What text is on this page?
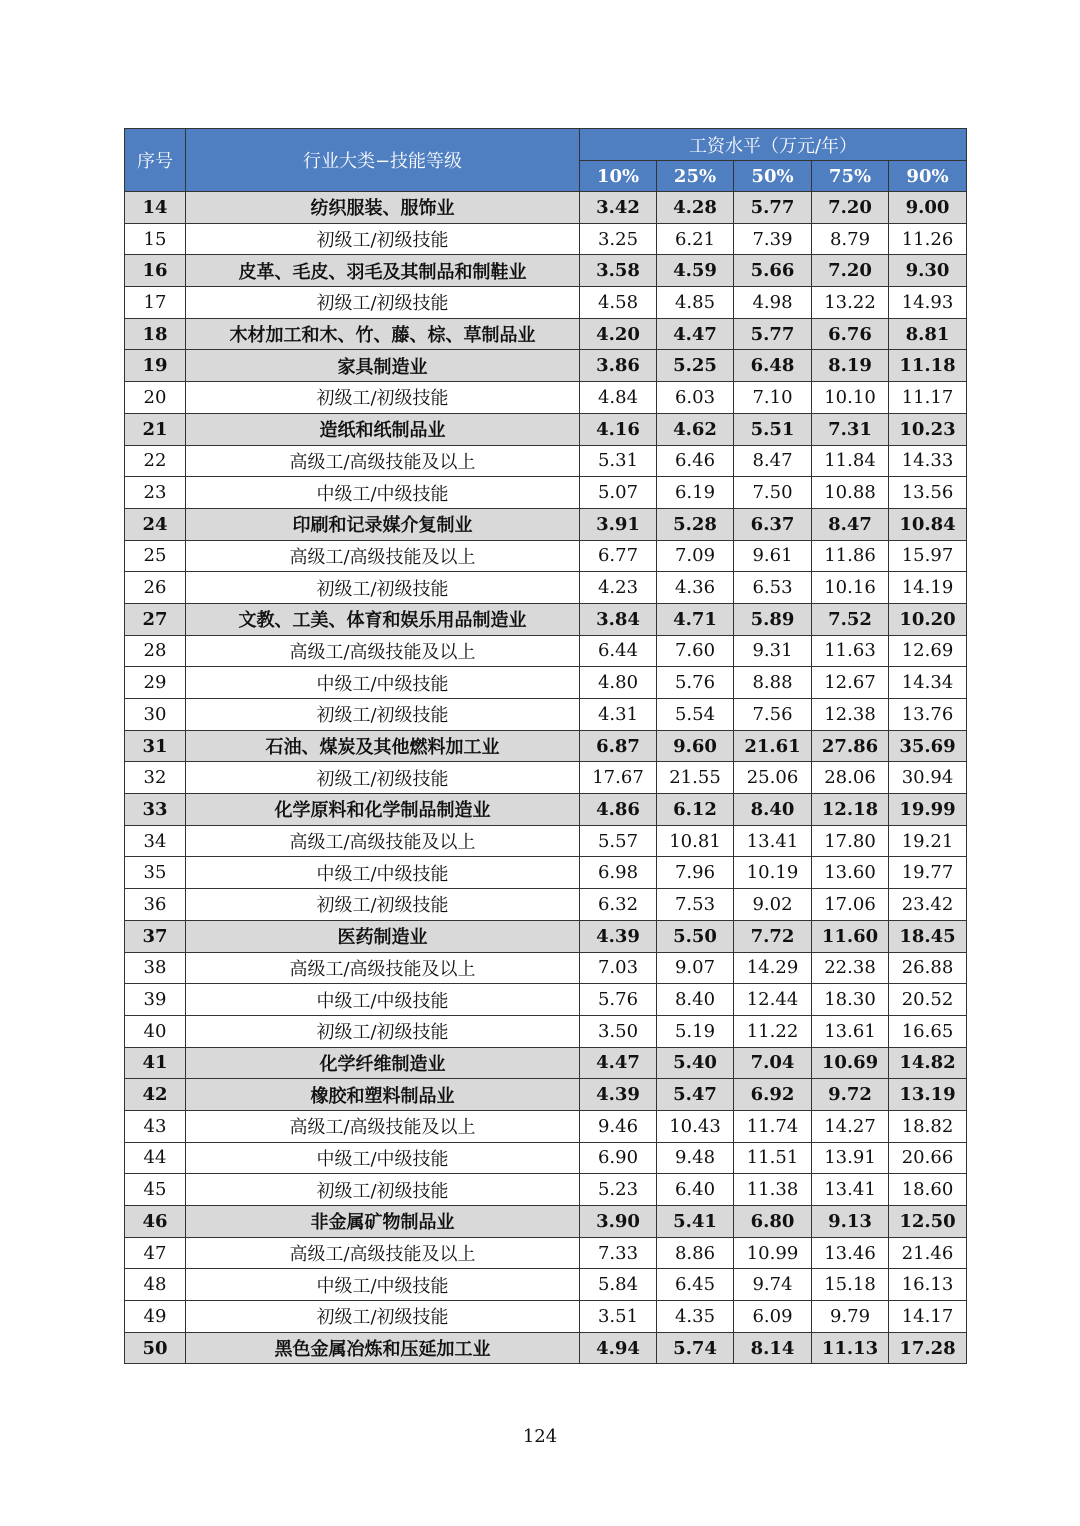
序号	行业大类−技能等级	工资水平（万元/年）				
		10%	25%	50%	75%	90%
14	纺织服装、服饰业	3.42	4.28	5.77	7.20	9.00
15	初级工/初级技能	3.25	6.21	7.39	8.79	11.26
16	皮革、毛皮、羽毛及其制品和制鞋业	3.58	4.59	5.66	7.20	9.30
17	初级工/初级技能	4.58	4.85	4.98	13.22	14.93
18	木材加工和木、竹、藤、棕、草制品业	4.20	4.47	5.77	6.76	8.81
19	家具制造业	3.86	5.25	6.48	8.19	11.18
20	初级工/初级技能	4.84	6.03	7.10	10.10	11.17
21	造纸和纸制品业	4.16	4.62	5.51	7.31	10.23
22	高级工/高级技能及以上	5.31	6.46	8.47	11.84	14.33
23	中级工/中级技能	5.07	6.19	7.50	10.88	13.56
24	印刷和记录媒介复制业	3.91	5.28	6.37	8.47	10.84
25	高级工/高级技能及以上	6.77	7.09	9.61	11.86	15.97
26	初级工/初级技能	4.23	4.36	6.53	10.16	14.19
27	文教、工美、体育和娱乐用品制造业	3.84	4.71	5.89	7.52	10.20
28	高级工/高级技能及以上	6.44	7.60	9.31	11.63	12.69
29	中级工/中级技能	4.80	5.76	8.88	12.67	14.34
30	初级工/初级技能	4.31	5.54	7.56	12.38	13.76
31	石油、煤炭及其他燃料加工业	6.87	9.60	21.61	27.86	35.69
32	初级工/初级技能	17.67	21.55	25.06	28.06	30.94
33	化学原料和化学制品制造业	4.86	6.12	8.40	12.18	19.99
34	高级工/高级技能及以上	5.57	10.81	13.41	17.80	19.21
35	中级工/中级技能	6.98	7.96	10.19	13.60	19.77
36	初级工/初级技能	6.32	7.53	9.02	17.06	23.42
37	医药制造业	4.39	5.50	7.72	11.60	18.45
38	高级工/高级技能及以上	7.03	9.07	14.29	22.38	26.88
39	中级工/中级技能	5.76	8.40	12.44	18.30	20.52
40	初级工/初级技能	3.50	5.19	11.22	13.61	16.65
41	化学纤维制造业	4.47	5.40	7.04	10.69	14.82
42	橡胶和塑料制品业	4.39	5.47	6.92	9.72	13.19
43	高级工/高级技能及以上	9.46	10.43	11.74	14.27	18.82
44	中级工/中级技能	6.90	9.48	11.51	13.91	20.66
45	初级工/初级技能	5.23	6.40	11.38	13.41	18.60
46	非金属矿物制品业	3.90	5.41	6.80	9.13	12.50
47	高级工/高级技能及以上	7.33	8.86	10.99	13.46	21.46
48	中级工/中级技能	5.84	6.45	9.74	15.18	16.13
49	初级工/初级技能	3.51	4.35	6.09	9.79	14.17
50	黑色金属冶炼和压延加工业	4.94	5.74	8.14	11.13	17.28
124
